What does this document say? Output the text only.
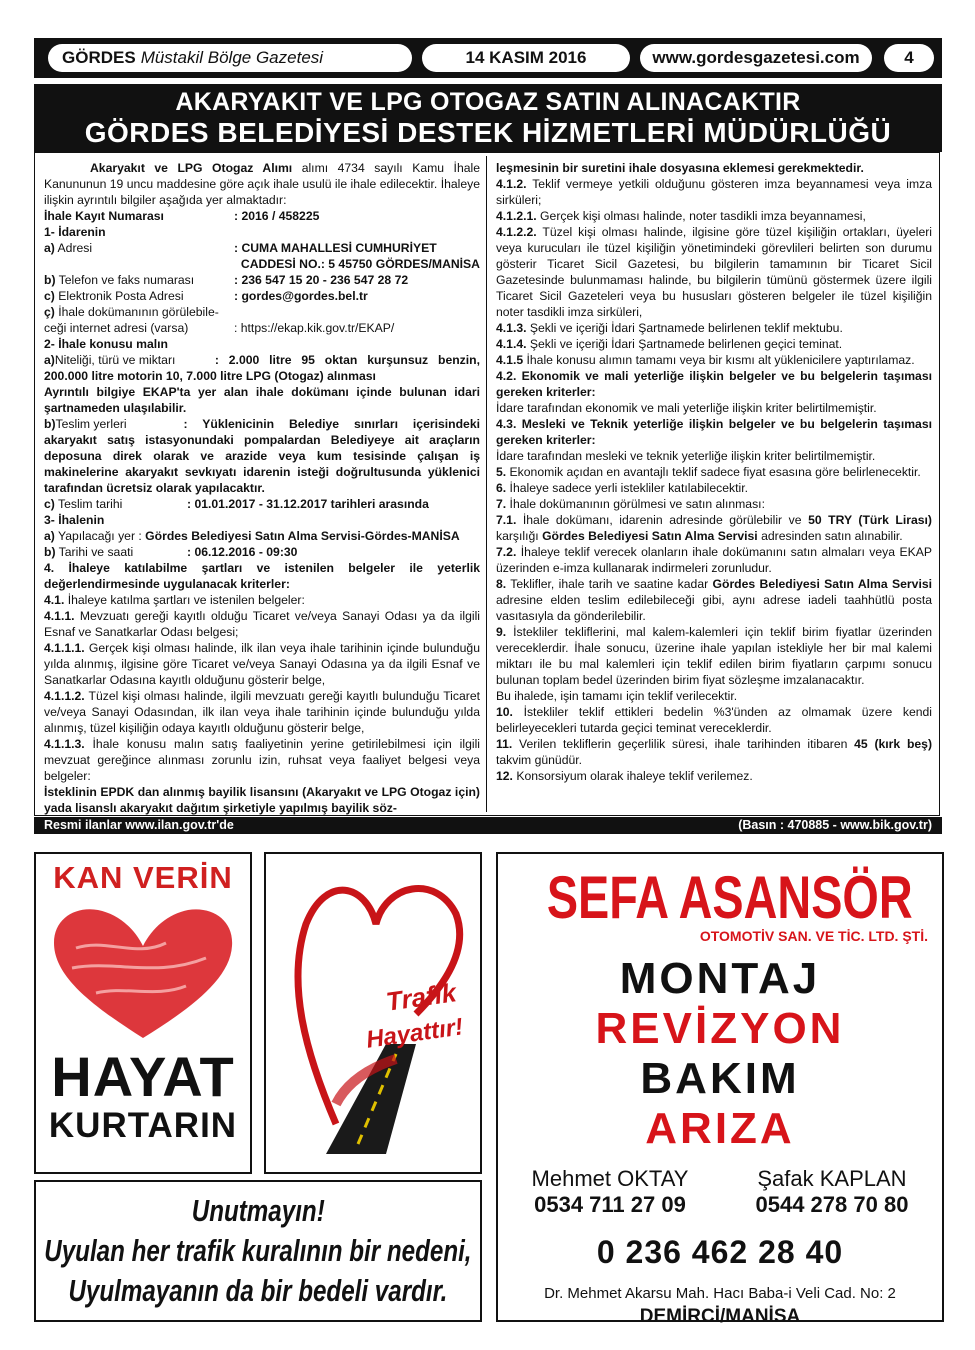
GÖRDES Müstakil Bölge Gazetesi	14 KASIM 2016	www.gordesgazetesi.com	4
AKARYAKIT VE LPG OTOGAZ SATIN ALINACAKTIR
GÖRDES BELEDİYESİ DESTEK HİZMETLERİ MÜDÜRLÜĞÜ

Akaryakıt ve LPG Otogaz Alımı alımı 4734 sayılı Kamu İhale Kanununun 19 uncu maddesine göre açık ihale usulü ile ihale edilecektir. İhaleye ilişkin ayrıntılı bilgiler aşağıda yer almaktadır:

İhale Kayıt Numarası	: 2016 / 458225

1- İdarenin

a) Adresi	: CUMA MAHALLESİ CUMHURİYET

CADDESİ NO.: 5 45750 GÖRDES/MANİSA

b) Telefon ve faks numarası	: 236 547 15 20 - 236 547 28 72
c) Elektronik Posta Adresi	: gordes@gordes.bel.tr

ç) İhale dokümanının görülebile-

ceği internet adresi (varsa)	: https://ekap.kik.gov.tr/EKAP/

2- İhale konusu malın

a)Niteliği, türü ve miktarı	: 2.000 litre 95 oktan kurşunsuz benzin, 200.000 litre motorin 10, 7.000 litre LPG (Otogaz) alınması

Ayrıntılı bilgiye EKAP'ta yer alan ihale dokümanı içinde bulunan idari şartnameden ulaşılabilir.

b)Teslim yerleri	: Yüklenicinin Belediye sınırları içerisindeki akaryakıt satış istasyonundaki pompalardan Belediyeye ait araçların deposuna direk olarak ve arazide veya kum tesisinde çalışan iş makinelerine akaryakıt sevkıyatı idarenin isteği doğrultusunda yüklenici tarafından ücretsiz olarak yapılacaktır.

c) Teslim tarihi	: 01.01.2017 - 31.12.2017 tarihleri arasında

3- İhalenin

a) Yapılacağı yer : Gördes Belediyesi Satın Alma Servisi-Gördes-MANİSA

b) Tarihi ve saati	: 06.12.2016 - 09:30

4. İhaleye katılabilme şartları ve istenilen belgeler ile yeterlik değerlendirmesinde uygulanacak kriterler:

4.1. İhaleye katılma şartları ve istenilen belgeler:

4.1.1. Mevzuatı gereği kayıtlı olduğu Ticaret ve/veya Sanayi Odası ya da ilgili Esnaf ve Sanatkarlar Odası belgesi;

4.1.1.1. Gerçek kişi olması halinde, ilk ilan veya ihale tarihinin içinde bulunduğu yılda alınmış, ilgisine göre Ticaret ve/veya Sanayi Odasına ya da ilgili Esnaf ve Sanatkarlar Odasına kayıtlı olduğunu gösterir belge,

4.1.1.2. Tüzel kişi olması halinde, ilgili mevzuatı gereği kayıtlı bulunduğu Ticaret ve/veya Sanayi Odasından, ilk ilan veya ihale tarihinin içinde bulunduğu yılda alınmış, tüzel kişiliğin odaya kayıtlı olduğunu gösterir belge,

4.1.1.3. İhale konusu malın satış faaliyetinin yerine getirilebilmesi için ilgili mevzuat gereğince alınması zorunlu izin, ruhsat veya faaliyet belgesi veya belgeler:

İsteklinin EPDK dan alınmış bayilik lisansını (Akaryakıt ve LPG Otogaz için) yada lisanslı akaryakıt dağıtım şirketiyle yapılmış bayilik söz-

leşmesinin bir suretini ihale dosyasına eklemesi gerekmektedir.

4.1.2. Teklif vermeye yetkili olduğunu gösteren imza beyannamesi veya imza sirküleri;

4.1.2.1. Gerçek kişi olması halinde, noter tasdikli imza beyannamesi,

4.1.2.2. Tüzel kişi olması halinde, ilgisine göre tüzel kişiliğin ortakları, üyeleri veya kurucuları ile tüzel kişiliğin yönetimindeki görevlileri belirten son durumu gösterir Ticaret Sicil Gazetesi, bu bilgilerin tamamının bir Ticaret Sicil Gazetesinde bulunmaması halinde, bu bilgilerin tümünü göstermek üzere ilgili Ticaret Sicil Gazeteleri veya bu hususları gösteren belgeler ile tüzel kişiliğin noter tasdikli imza sirküleri,

4.1.3. Şekli ve içeriği İdari Şartnamede belirlenen teklif mektubu.

4.1.4. Şekli ve içeriği İdari Şartnamede belirlenen geçici teminat.

4.1.5 İhale konusu alımın tamamı veya bir kısmı alt yüklenicilere yaptırılamaz.

4.2. Ekonomik ve mali yeterliğe ilişkin belgeler ve bu belgelerin taşıması gereken kriterler:

İdare tarafından ekonomik ve mali yeterliğe ilişkin kriter belirtilmemiştir.

4.3. Mesleki ve Teknik yeterliğe ilişkin belgeler ve bu belgelerin taşıması gereken kriterler:

İdare tarafından mesleki ve teknik yeterliğe ilişkin kriter belirtilmemiştir.

5. Ekonomik açıdan en avantajlı teklif sadece fiyat esasına göre belirlenecektir.

6. İhaleye sadece yerli istekliler katılabilecektir.

7. İhale dokümanının görülmesi ve satın alınması:

7.1. İhale dokümanı, idarenin adresinde görülebilir ve 50 TRY (Türk Lirası) karşılığı Gördes Belediyesi Satın Alma Servisi adresinden satın alınabilir.

7.2. İhaleye teklif verecek olanların ihale dokümanını satın almaları veya EKAP üzerinden e-imza kullanarak indirmeleri zorunludur.

8. Teklifler, ihale tarih ve saatine kadar Gördes Belediyesi Satın Alma Servisi adresine elden teslim edilebileceği gibi, aynı adrese iadeli taahhütlü posta vasıtasıyla da gönderilebilir.

9. İstekliler tekliflerini, mal kalem-kalemleri için teklif birim fiyatlar üzerinden vereceklerdir. İhale sonucu, üzerine ihale yapılan istekliyle her bir mal kalemi miktarı ile bu mal kalemleri için teklif edilen birim fiyatların çarpımı sonucu bulunan toplam bedel üzerinden birim fiyat sözleşme imzalanacaktır.

Bu ihalede, işin tamamı için teklif verilecektir.

10. İstekliler teklif ettikleri bedelin %3'ünden az olmamak üzere kendi belirleyecekleri tutarda geçici teminat vereceklerdir.

11. Verilen tekliflerin geçerlilik süresi, ihale tarihinden itibaren 45 (kırk beş) takvim günüdür.

12. Konsorsiyum olarak ihaleye teklif verilemez.

Resmi ilanlar www.ilan.gov.tr'de	(Basın : 470885 - www.bik.gov.tr)
KAN VERİN
HAYAT
KURTARIN
Trafik
Hayattır!
Unutmayın!
Uyulan her trafik kuralının bir nedeni,
Uyulmayanın da bir bedeli vardır.
SEFA ASANSÖR
OTOMOTİV SAN. VE TİC. LTD. ŞTİ.
MONTAJ
REVİZYON
BAKIM
ARIZA
Mehmet OKTAY
0534 711 27 09
Şafak KAPLAN
0544 278 70 80
0 236 462 28 40
Dr. Mehmet Akarsu Mah. Hacı Baba-i Veli Cad. No: 2
DEMİRCİ/MANİSA
